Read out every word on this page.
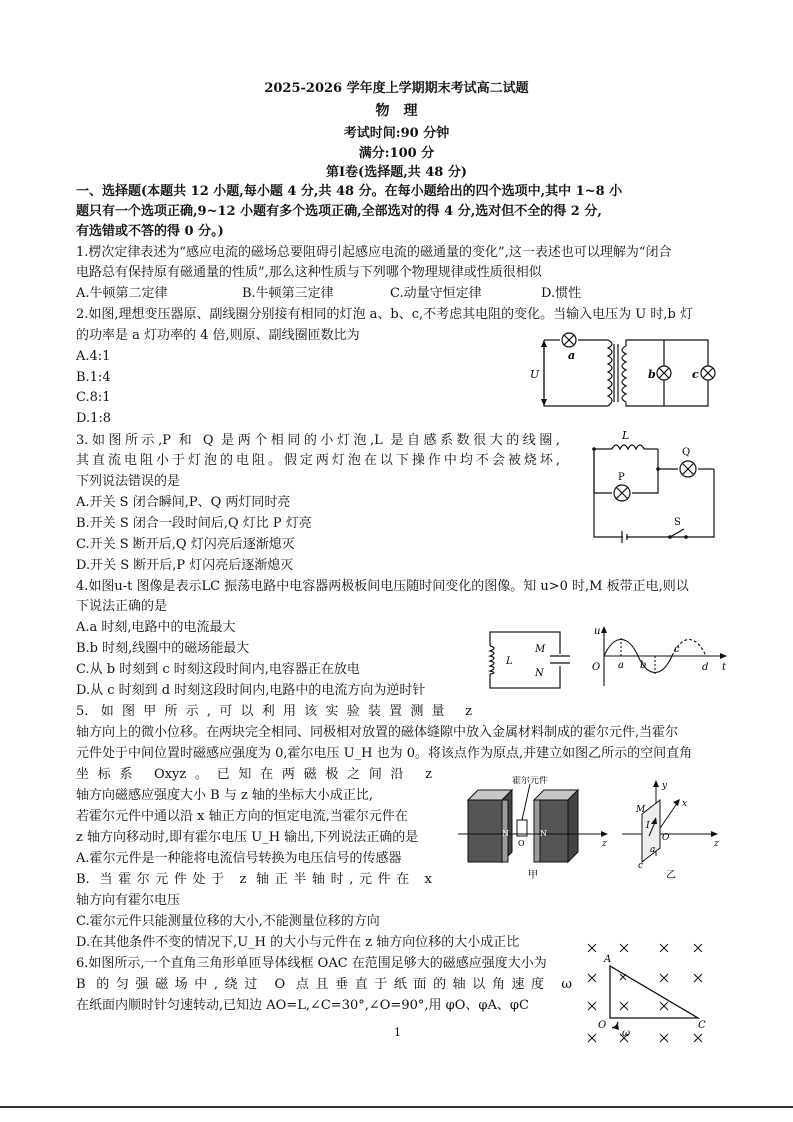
2025-2026 学年度上学期期末考试高二试题
物　理
考试时间:90 分钟
满分:100 分
第Ⅰ卷(选择题,共 48 分)
一、选择题(本题共 12 小题,每小题 4 分,共 48 分。在每小题给出的四个选项中,其中 1~8 小
题只有一个选项正确,9~12 小题有多个选项正确,全部选对的得 4 分,选对但不全的得 2 分,
有选错或不答的得 0 分。)
1.楞次定律表述为“感应电流的磁场总要阻碍引起感应电流的磁通量的变化”,这一表述也可以理解为“闭合
电路总有保持原有磁通量的性质”,那么这种性质与下列哪个物理规律或性质很相似
A.牛顿第二定律	B.牛顿第三定律	C.动量守恒定律	D.惯性
2.如图,理想变压器原、副线圈分别接有相同的灯泡 a、b、c,不考虑其电阻的变化。当输入电压为 U 时,b 灯
的功率是 a 灯功率的 4 倍,则原、副线圈匝数比为
A.4:1
B.1:4
C.8:1
D.1:8
a
b	c
U
3.如图所示,P 和 Q 是两个相同的小灯泡,L 是自感系数很大的线圈,
其直流电阻小于灯泡的电阻。假定两灯泡在以下操作中均不会被烧坏,
下列说法错误的是
A.开关 S 闭合瞬间,P、Q 两灯同时亮
B.开关 S 闭合一段时间后,Q 灯比 P 灯亮
C.开关 S 断开后,Q 灯闪亮后逐渐熄灭
D.开关 S 断开后,P 灯闪亮后逐渐熄灭
L
Q
P
S
4.如图u-t 图像是表示LC 振荡电路中电容器两极板间电压随时间变化的图像。知 u>0 时,M 板带正电,则以
下说法正确的是
A.a 时刻,电路中的电流最大
B.b 时刻,线圈中的磁场能最大
C.从 b 时刻到 c 时刻这段时间内,电容器正在放电
D.从 c 时刻到 d 时刻这段时间内,电路中的电流方向为逆时针
L
M
N
u
O	t
a b
c
d
5. 如图甲所示,可以利用该实验装置测量 z
轴方向上的微小位移。在两块完全相同、同极相对放置的磁体缝隙中放入金属材料制成的霍尔元件,当霍尔
元件处于中间位置时磁感应强度为 0,霍尔电压 U_H 也为 0。将该点作为原点,并建立如图乙所示的空间直角
坐标系 Oxyz。已知在两磁极之间沿 z
轴方向磁感应强度大小 B 与 z 轴的坐标大小成正比,
若霍尔元件中通以沿 x 轴正方向的恒定电流,当霍尔元件在
z 轴方向移动时,即有霍尔电压 U_H 输出,下列说法正确的是
A.霍尔元件是一种能将电流信号转换为电压信号的传感器
B. 当霍尔元件处于 z 轴正半轴时,元件在 x
轴方向有霍尔电压
C.霍尔元件只能测量位移的大小,不能测量位移的方向
D.在其他条件不变的情况下,U_H 的大小与元件在 z 轴方向位移的大小成正比
霍尔元件
N	N
O	z
甲
y
x
z
M
I
O
a
c
乙
6.如图所示,一个直角三角形单匝导体线框 OAC 在范围足够大的磁感应强度大小为
B 的匀强磁场中,绕过 O 点且垂直于纸面的轴以角速度 ω
在纸面内顺时针匀速转动,已知边 AO=L,∠C=30°,∠O=90°,用 φO、φA、φC
A
O	C
ω
1
